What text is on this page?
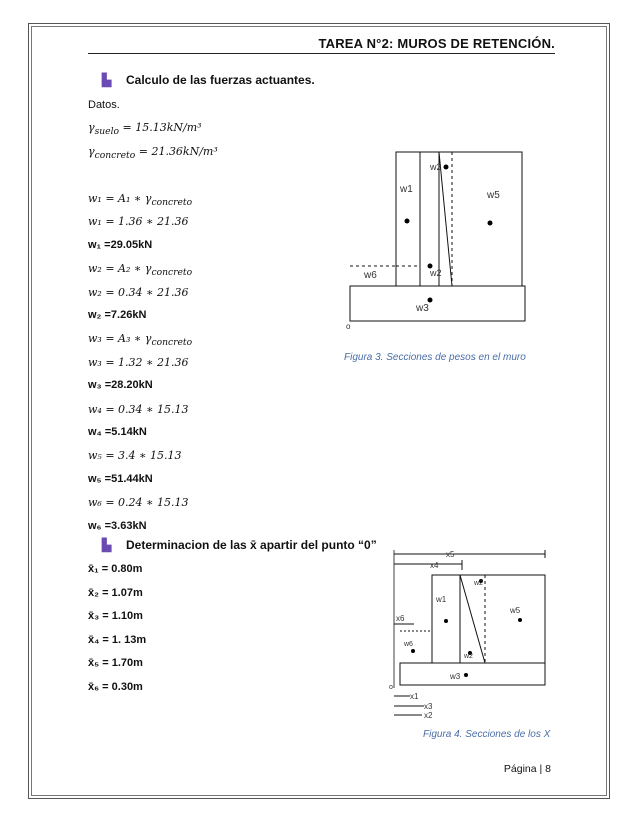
TAREA N°2: MUROS DE RETENCIÓN.
▙ Calculo de las fuerzas actuantes.
Datos.
$\gamma_{suelo} = 15.13kN/m^3$
$\gamma_{concreto} = 21.36kN/m^3$
w₁ = A₁ ∗ $\gamma_{concreto}$
w₁ = 1.36 ∗ 21.36
w₁ =29.05kN
w₂ = A₂ ∗ $\gamma_{concreto}$
w₂ = 0.34 ∗ 21.36
w₂ =7.26kN
w₃ = A₃ ∗ $\gamma_{concreto}$
w₃ = 1.32 ∗ 21.36
w₃ =28.20kN
w₄ = 0.34 ∗ 15.13
w₄ =5.14kN
w₅ = 3.4 ∗ 15.13
w₅ =51.44kN
w₆ = 0.24 ∗ 15.13
w₆ =3.63kN
▙ Determinacion de las x̄ apartir del punto “0”
x̄₁ = 0.80m
x̄₂ = 1.07m
x̄₃ = 1.10m
x̄₄ = 1. 13m
x̄₅ = 1.70m
x̄₆ = 0.30m
w1
w2
w2
w5
w6
w3
o
Figura 3. Secciones de pesos en el muro
x5
x4
x6
w1
w2
w2
w5
w6
w3
o
x1
x3
x2
Figura 4. Secciones de los X
Página | 8
